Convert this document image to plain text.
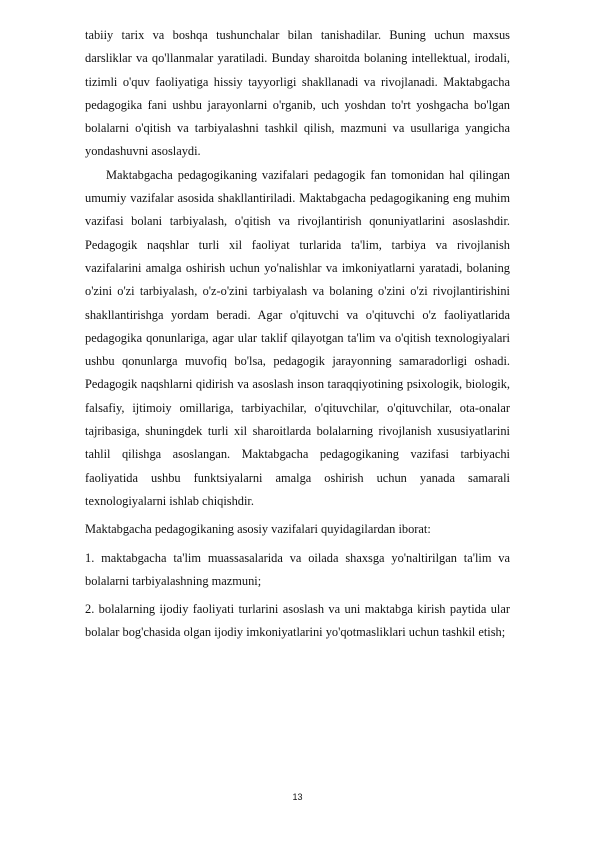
tabiiy tarix va boshqa tushunchalar bilan tanishadilar. Buning uchun maxsus darsliklar va qo'llanmalar yaratiladi. Bunday sharoitda bolaning intellektual, irodali, tizimli o'quv faoliyatiga hissiy tayyorligi shakllanadi va rivojlanadi. Maktabgacha pedagogika fani ushbu jarayonlarni o'rganib, uch yoshdan to'rt yoshgacha bo'lgan bolalarni o'qitish va tarbiyalashni tashkil qilish, mazmuni va usullariga yangicha yondashuvni asoslaydi.

Maktabgacha pedagogikaning vazifalari pedagogik fan tomonidan hal qilingan umumiy vazifalar asosida shakllantiriladi. Maktabgacha pedagogikaning eng muhim vazifasi bolani tarbiyalash, o'qitish va rivojlantirish qonuniyatlarini asoslashdir. Pedagogik naqshlar turli xil faoliyat turlarida ta'lim, tarbiya va rivojlanish vazifalarini amalga oshirish uchun yo'nalishlar va imkoniyatlarni yaratadi, bolaning o'zini o'zi tarbiyalash, o'z-o'zini tarbiyalash va bolaning o'zini o'zi rivojlantirishini shakllantirishga yordam beradi. Agar o'qituvchi va o'qituvchi o'z faoliyatlarida pedagogika qonunlariga, agar ular taklif qilayotgan ta'lim va o'qitish texnologiyalari ushbu qonunlarga muvofiq bo'lsa, pedagogik jarayonning samaradorligi oshadi. Pedagogik naqshlarni qidirish va asoslash inson taraqqiyotining psixologik, biologik, falsafiy, ijtimoiy omillariga, tarbiyachilar, o'qituvchilar, o'qituvchilar, ota-onalar tajribasiga, shuningdek turli xil sharoitlarda bolalarning rivojlanish xususiyatlarini tahlil qilishga asoslangan. Maktabgacha pedagogikaning vazifasi tarbiyachi faoliyatida ushbu funktsiyalarni amalga oshirish uchun yanada samarali texnologiyalarni ishlab chiqishdir.

Maktabgacha pedagogikaning asosiy vazifalari quyidagilardan iborat:

1. maktabgacha ta'lim muassasalarida va oilada shaxsga yo'naltirilgan ta'lim va bolalarni tarbiyalashning mazmuni;

2. bolalarning ijodiy faoliyati turlarini asoslash va uni maktabga kirish paytida ular bolalar bog'chasida olgan ijodiy imkoniyatlarini yo'qotmasliklari uchun tashkil etish;

13
